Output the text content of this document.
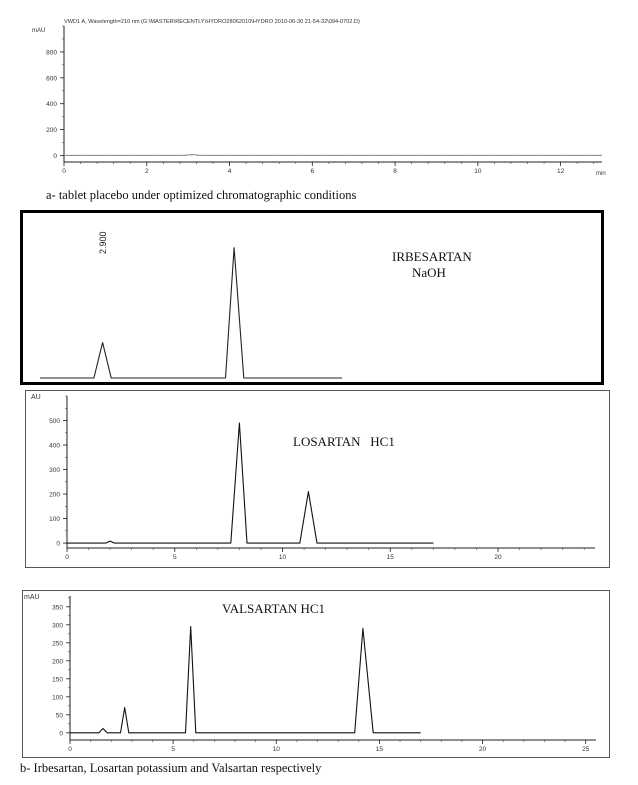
VWD1 A, Wavelength=210 nm (G:\MASTER\RECENTLY\HYDRO28062010\HYDRO 2010-06-30 21-54-32\094-0702.D)
mAU
min
0	2	4	6	8	10	12
0
200
400
600
800
a- tablet placebo under optimized chromatographic conditions
2.900
IRBESARTAN
NaOH
AU
LOSARTAN   HC1
0	5	10	15	20
0
100
200
300
400
500
mAU
VALSARTAN HC1
0	5	10	15	20	25
0
50
100
150
200
250
300
350
b- Irbesartan, Losartan potassium and Valsartan respectively
